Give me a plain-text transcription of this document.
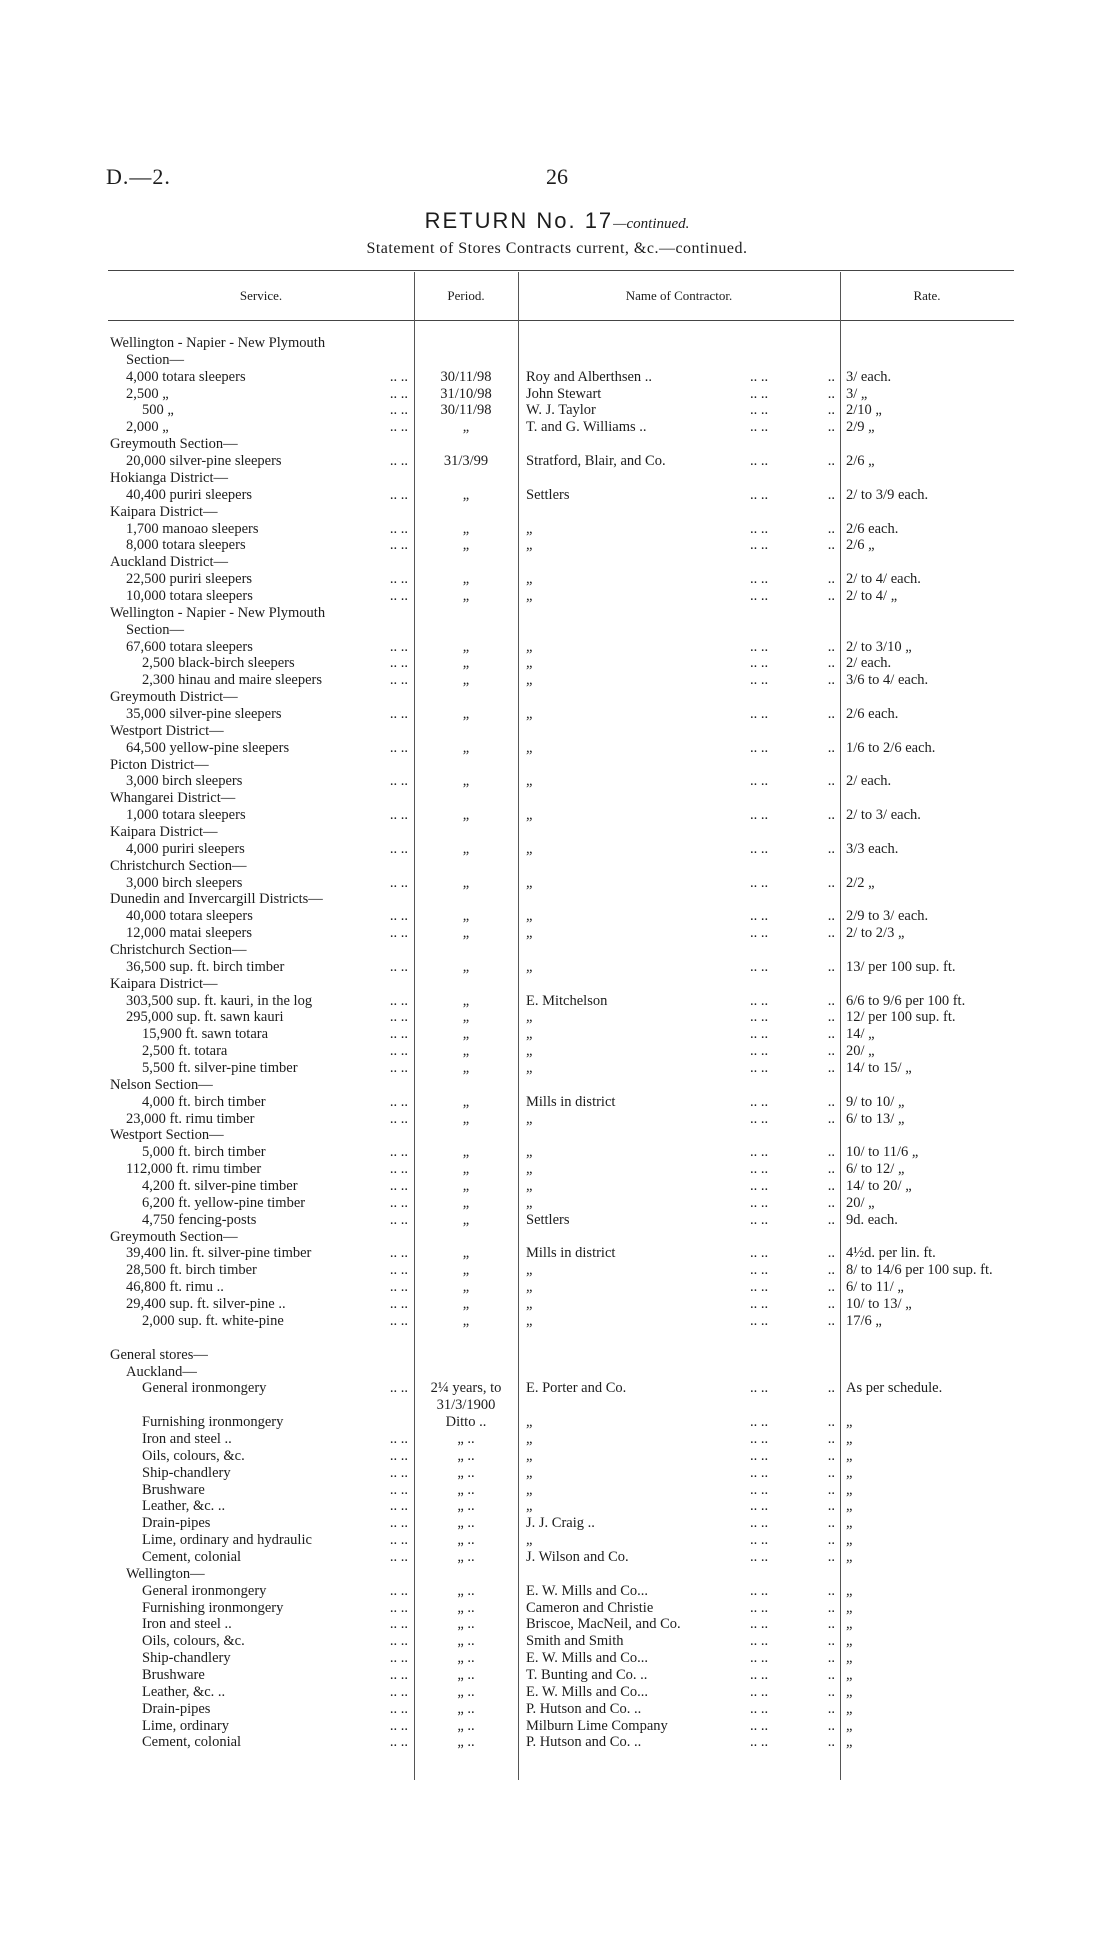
D.—2.	26
RETURN No. 17—continued.
Statement of Stores Contracts current, &c.—continued.
Service.	Period.	Name of Contractor.	Rate.
Wellington - Napier - New Plymouth
Section—
4,000 totara sleepers	.. ..	30/11/98	Roy and Alberthsen ..	.. ..	.. 3/ each.
2,500 „	.. ..	31/10/98	John Stewart	.. ..	.. 3/ „
500 „	.. ..	30/11/98	W. J. Taylor	.. ..	.. 2/10 „
2,000 „	.. ..	„	T. and G. Williams ..	.. ..	.. 2/9 „
Greymouth Section—
20,000 silver-pine sleepers	.. ..	31/3/99	Stratford, Blair, and Co.	.. ..	.. 2/6 „
Hokianga District—
40,400 puriri sleepers	.. ..	„	Settlers	.. ..	.. 2/ to 3/9 each.
Kaipara District—
1,700 manoao sleepers	.. ..	„	„	.. ..	.. 2/6 each.
8,000 totara sleepers	.. ..	„	„	.. ..	.. 2/6 „
Auckland District—
22,500 puriri sleepers	.. ..	„	„	.. ..	.. 2/ to 4/ each.
10,000 totara sleepers	.. ..	„	„	.. ..	.. 2/ to 4/ „
Wellington - Napier - New Plymouth
Section—
67,600 totara sleepers	.. ..	„	„	.. ..	.. 2/ to 3/10 „
2,500 black-birch sleepers	.. ..	„	„	.. ..	.. 2/ each.
2,300 hinau and maire sleepers	.. ..	„	„	.. ..	.. 3/6 to 4/ each.
Greymouth District—
35,000 silver-pine sleepers	.. ..	„	„	.. ..	.. 2/6 each.
Westport District—
64,500 yellow-pine sleepers	.. ..	„	„	.. ..	.. 1/6 to 2/6 each.
Picton District—
3,000 birch sleepers	.. ..	„	„	.. ..	.. 2/ each.
Whangarei District—
1,000 totara sleepers	.. ..	„	„	.. ..	.. 2/ to 3/ each.
Kaipara District—
4,000 puriri sleepers	.. ..	„	„	.. ..	.. 3/3 each.
Christchurch Section—
3,000 birch sleepers	.. ..	„	„	.. ..	.. 2/2 „
Dunedin and Invercargill Districts—
40,000 totara sleepers	.. ..	„	„	.. ..	.. 2/9 to 3/ each.
12,000 matai sleepers	.. ..	„	„	.. ..	.. 2/ to 2/3 „
Christchurch Section—
36,500 sup. ft. birch timber	.. ..	„	„	.. ..	.. 13/ per 100 sup. ft.
Kaipara District—
303,500 sup. ft. kauri, in the log	.. ..	„	E. Mitchelson	.. ..	.. 6/6 to 9/6 per 100 ft.
295,000 sup. ft. sawn kauri	.. ..	„	„	.. ..	.. 12/ per 100 sup. ft.
15,900 ft. sawn totara	.. ..	„	„	.. ..	.. 14/ „
2,500 ft. totara	.. ..	„	„	.. ..	.. 20/ „
5,500 ft. silver-pine timber	.. ..	„	„	.. ..	.. 14/ to 15/ „
Nelson Section—
4,000 ft. birch timber	.. ..	„	Mills in district	.. ..	.. 9/ to 10/ „
23,000 ft. rimu timber	.. ..	„	„	.. ..	.. 6/ to 13/ „
Westport Section—
5,000 ft. birch timber	.. ..	„	„	.. ..	.. 10/ to 11/6 „
112,000 ft. rimu timber	.. ..	„	„	.. ..	.. 6/ to 12/ „
4,200 ft. silver-pine timber	.. ..	„	„	.. ..	.. 14/ to 20/ „
6,200 ft. yellow-pine timber	.. ..	„	„	.. ..	.. 20/ „
4,750 fencing-posts	.. ..	„	Settlers	.. ..	.. 9d. each.
Greymouth Section—
39,400 lin. ft. silver-pine timber	.. ..	„	Mills in district	.. ..	.. 4½d. per lin. ft.
28,500 ft. birch timber	.. ..	„	„	.. ..	.. 8/ to 14/6 per 100 sup. ft.
46,800 ft. rimu ..	.. ..	„	„	.. ..	.. 6/ to 11/ „
29,400 sup. ft. silver-pine ..	.. ..	„	„	.. ..	.. 10/ to 13/ „
2,000 sup. ft. white-pine	.. ..	„	„	.. ..	.. 17/6 „
General stores—
Auckland—
General ironmongery	.. ..	2¼ years, to	E. Porter and Co.	.. ..	.. As per schedule.
31/3/1900
Furnishing ironmongery	Ditto ..	„	.. ..	.. „
Iron and steel ..	.. ..	„ ..	„	.. ..	.. „
Oils, colours, &c.	.. ..	„ ..	„	.. ..	.. „
Ship-chandlery	.. ..	„ ..	„	.. ..	.. „
Brushware	.. ..	„ ..	„	.. ..	.. „
Leather, &c. ..	.. ..	„ ..	„	.. ..	.. „
Drain-pipes	.. ..	„ ..	J. J. Craig ..	.. ..	.. „
Lime, ordinary and hydraulic	.. ..	„ ..	„	.. ..	.. „
Cement, colonial	.. ..	„ ..	J. Wilson and Co.	.. ..	.. „
Wellington—
General ironmongery	.. ..	„ ..	E. W. Mills and Co...	.. ..	.. „
Furnishing ironmongery	.. ..	„ ..	Cameron and Christie	.. ..	.. „
Iron and steel ..	.. ..	„ ..	Briscoe, MacNeil, and Co.	.. ..	.. „
Oils, colours, &c.	.. ..	„ ..	Smith and Smith	.. ..	.. „
Ship-chandlery	.. ..	„ ..	E. W. Mills and Co...	.. ..	.. „
Brushware	.. ..	„ ..	T. Bunting and Co. ..	.. ..	.. „
Leather, &c. ..	.. ..	„ ..	E. W. Mills and Co...	.. ..	.. „
Drain-pipes	.. ..	„ ..	P. Hutson and Co. ..	.. ..	.. „
Lime, ordinary	.. ..	„ ..	Milburn Lime Company	.. ..	.. „
Cement, colonial	.. ..	„ ..	P. Hutson and Co. ..	.. ..	.. „
